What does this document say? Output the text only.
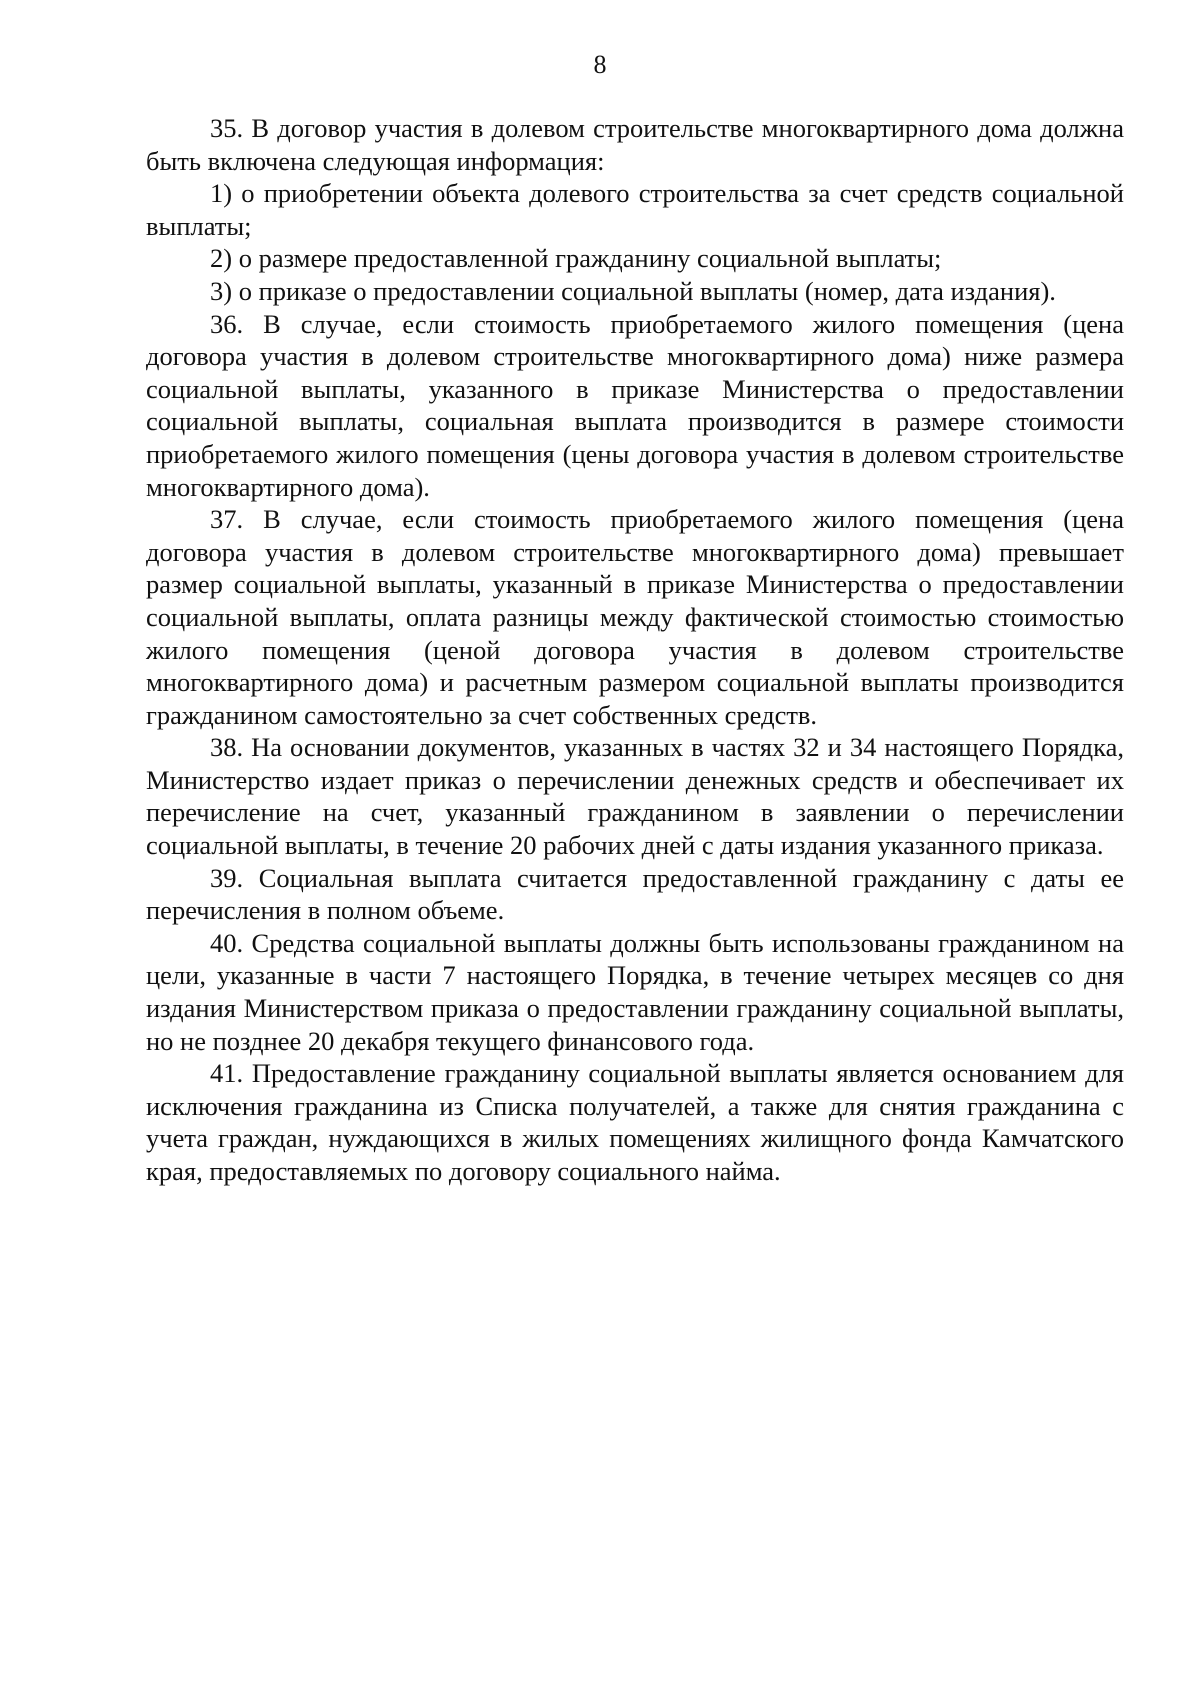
8

35. В договор участия в долевом строительстве многоквартирного дома должна быть включена следующая информация:

1) о приобретении объекта долевого строительства за счет средств социальной выплаты;

2) о размере предоставленной гражданину социальной выплаты;

3) о приказе о предоставлении социальной выплаты (номер, дата издания).

36. В случае, если стоимость приобретаемого жилого помещения (цена договора участия в долевом строительстве многоквартирного дома) ниже размера социальной выплаты, указанного в приказе Министерства о предоставлении социальной выплаты, социальная выплата производится в размере стоимости приобретаемого жилого помещения (цены договора участия в долевом строительстве многоквартирного дома).

37. В случае, если стоимость приобретаемого жилого помещения (цена договора участия в долевом строительстве многоквартирного дома) превышает размер социальной выплаты, указанный в приказе Министерства о предоставлении социальной выплаты, оплата разницы между фактической стоимостью стоимостью жилого помещения (ценой договора участия в долевом строительстве многоквартирного дома) и расчетным размером социальной выплаты производится гражданином самостоятельно за счет собственных средств.

38. На основании документов, указанных в частях 32 и 34 настоящего Порядка, Министерство издает приказ о перечислении денежных средств и обеспечивает их перечисление на счет, указанный гражданином в заявлении о перечислении социальной выплаты, в течение 20 рабочих дней с даты издания указанного приказа.

39. Социальная выплата считается предоставленной гражданину с даты ее перечисления в полном объеме.

40. Средства социальной выплаты должны быть использованы гражданином на цели, указанные в части 7 настоящего Порядка, в течение четырех месяцев со дня издания Министерством приказа о предоставлении гражданину социальной выплаты, но не позднее 20 декабря текущего финансового года.

41. Предоставление гражданину социальной выплаты является основанием для исключения гражданина из Списка получателей, а также для снятия гражданина с учета граждан, нуждающихся в жилых помещениях жилищного фонда Камчатского края, предоставляемых по договору социального найма.
